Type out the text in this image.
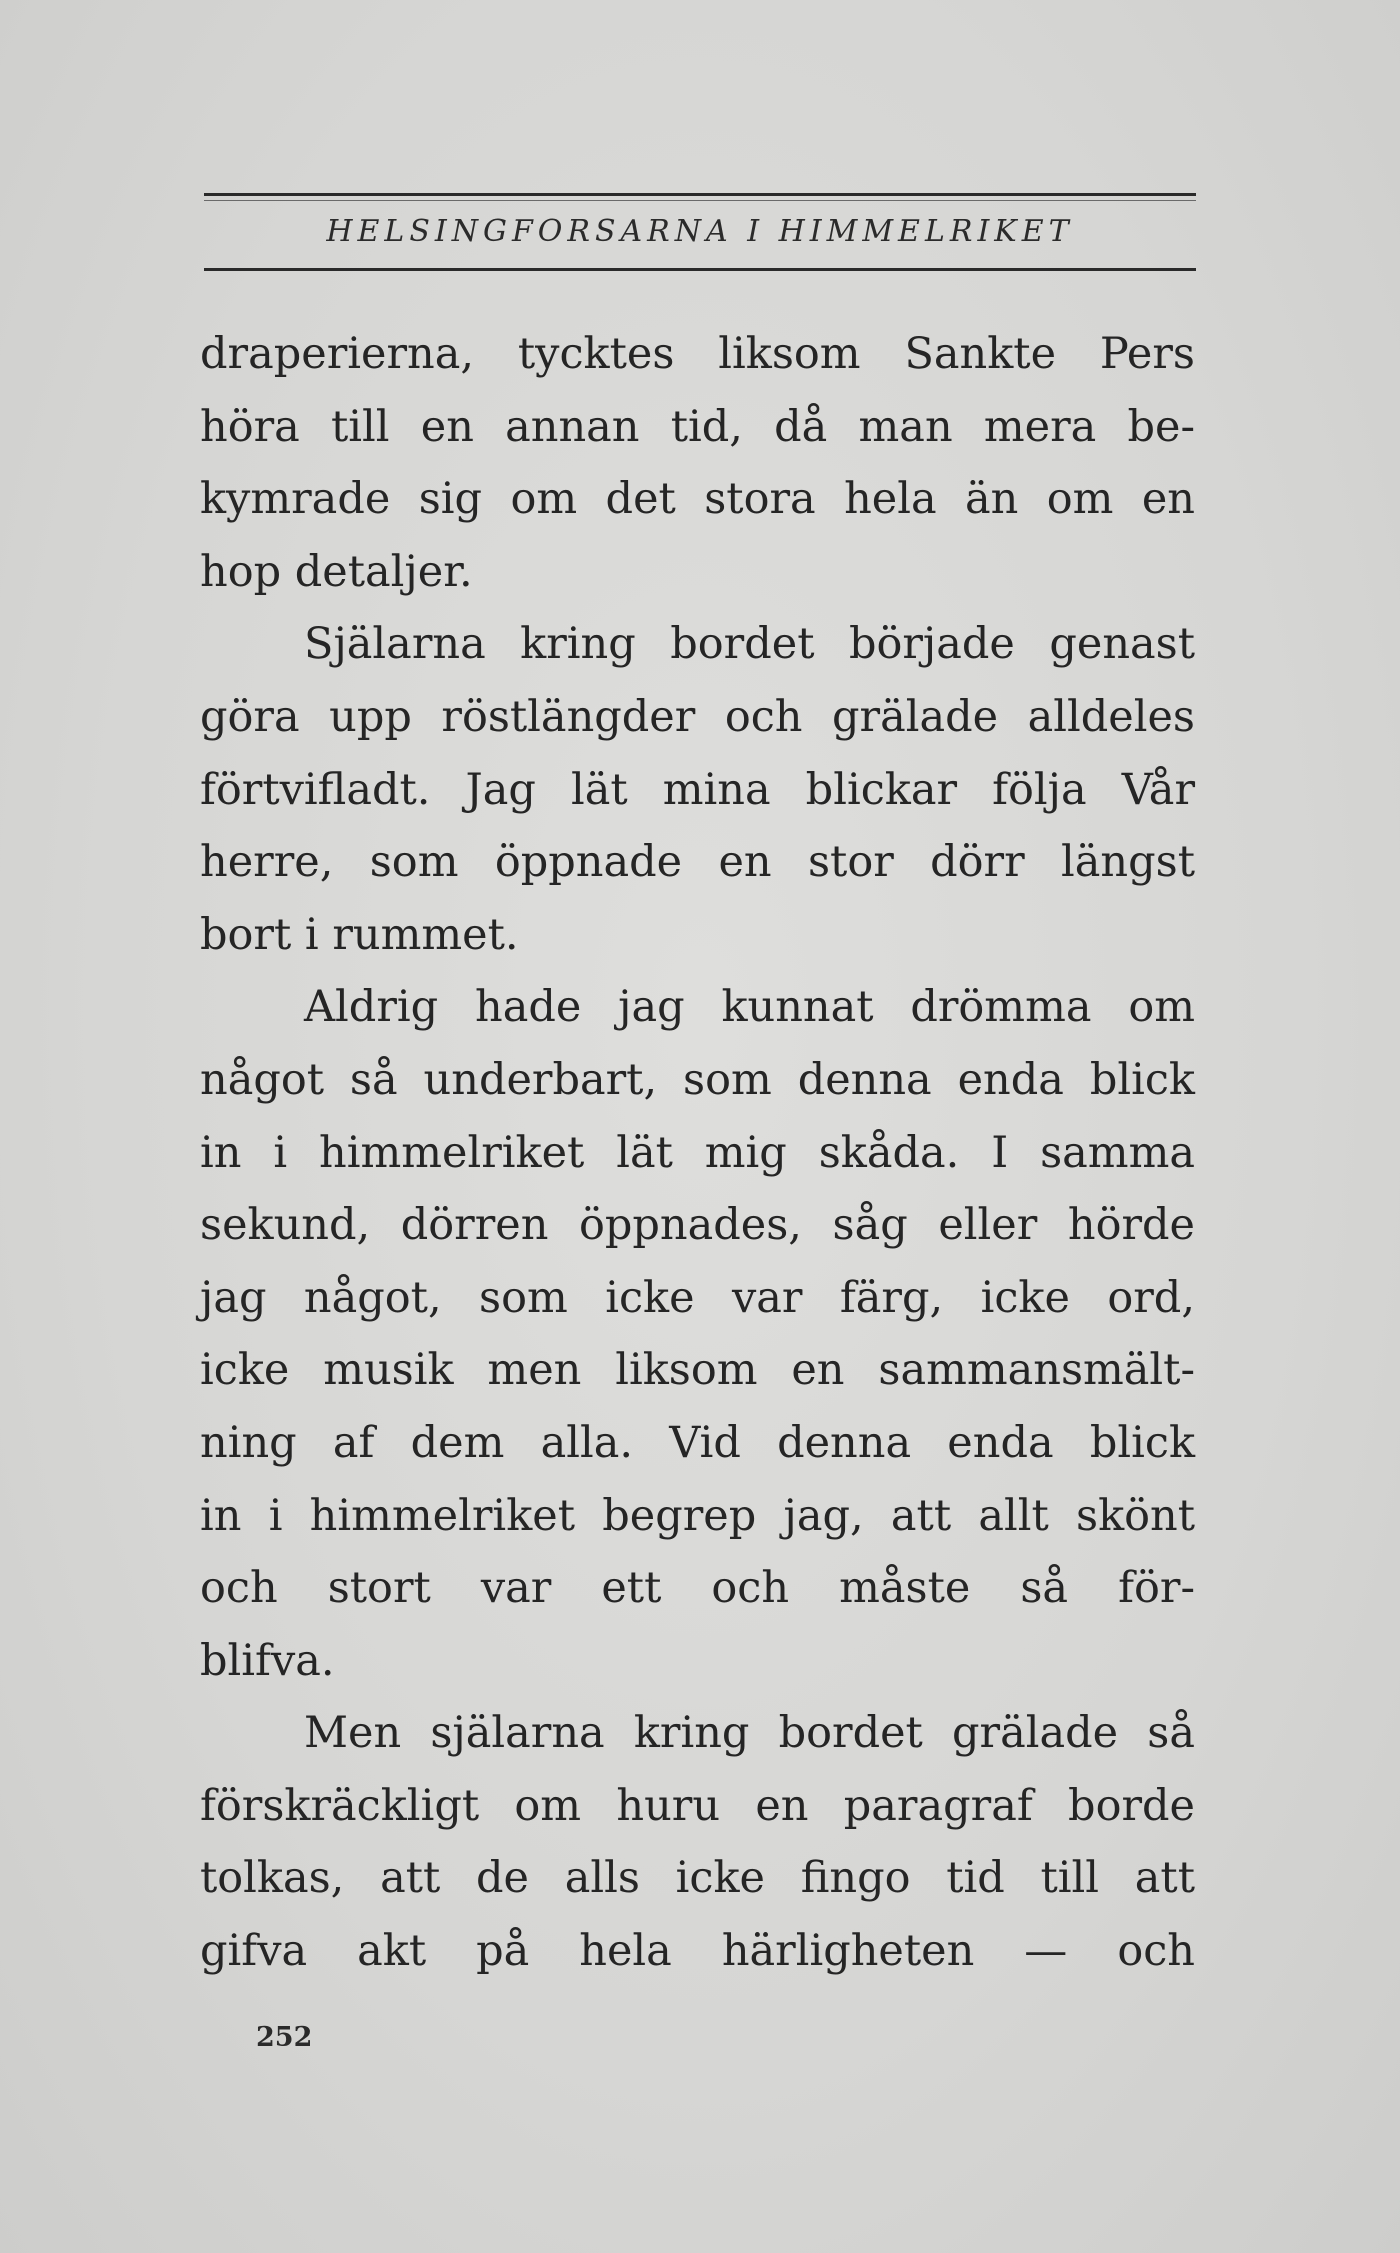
HELSINGFORSARNA I HIMMELRIKET

draperierna, tycktes liksom Sankte Pers

höra till en annan tid, då man mera be-

kymrade sig om det stora hela än om en

hop detaljer.

Själarna kring bordet började genast

göra upp röstlängder och grälade alldeles

förtvifladt. Jag lät mina blickar följa Vår

herre, som öppnade en stor dörr längst

bort i rummet.

Aldrig hade jag kunnat drömma om

något så underbart, som denna enda blick

in i himmelriket lät mig skåda. I samma

sekund, dörren öppnades, såg eller hörde

jag något, som icke var färg, icke ord,

icke musik men liksom en sammansmält-

ning af dem alla. Vid denna enda blick

in i himmelriket begrep jag, att allt skönt

och stort var ett och måste så för-

blifva.

Men själarna kring bordet grälade så

förskräckligt om huru en paragraf borde

tolkas, att de alls icke fingo tid till att

gifva akt på hela härligheten — och

252
